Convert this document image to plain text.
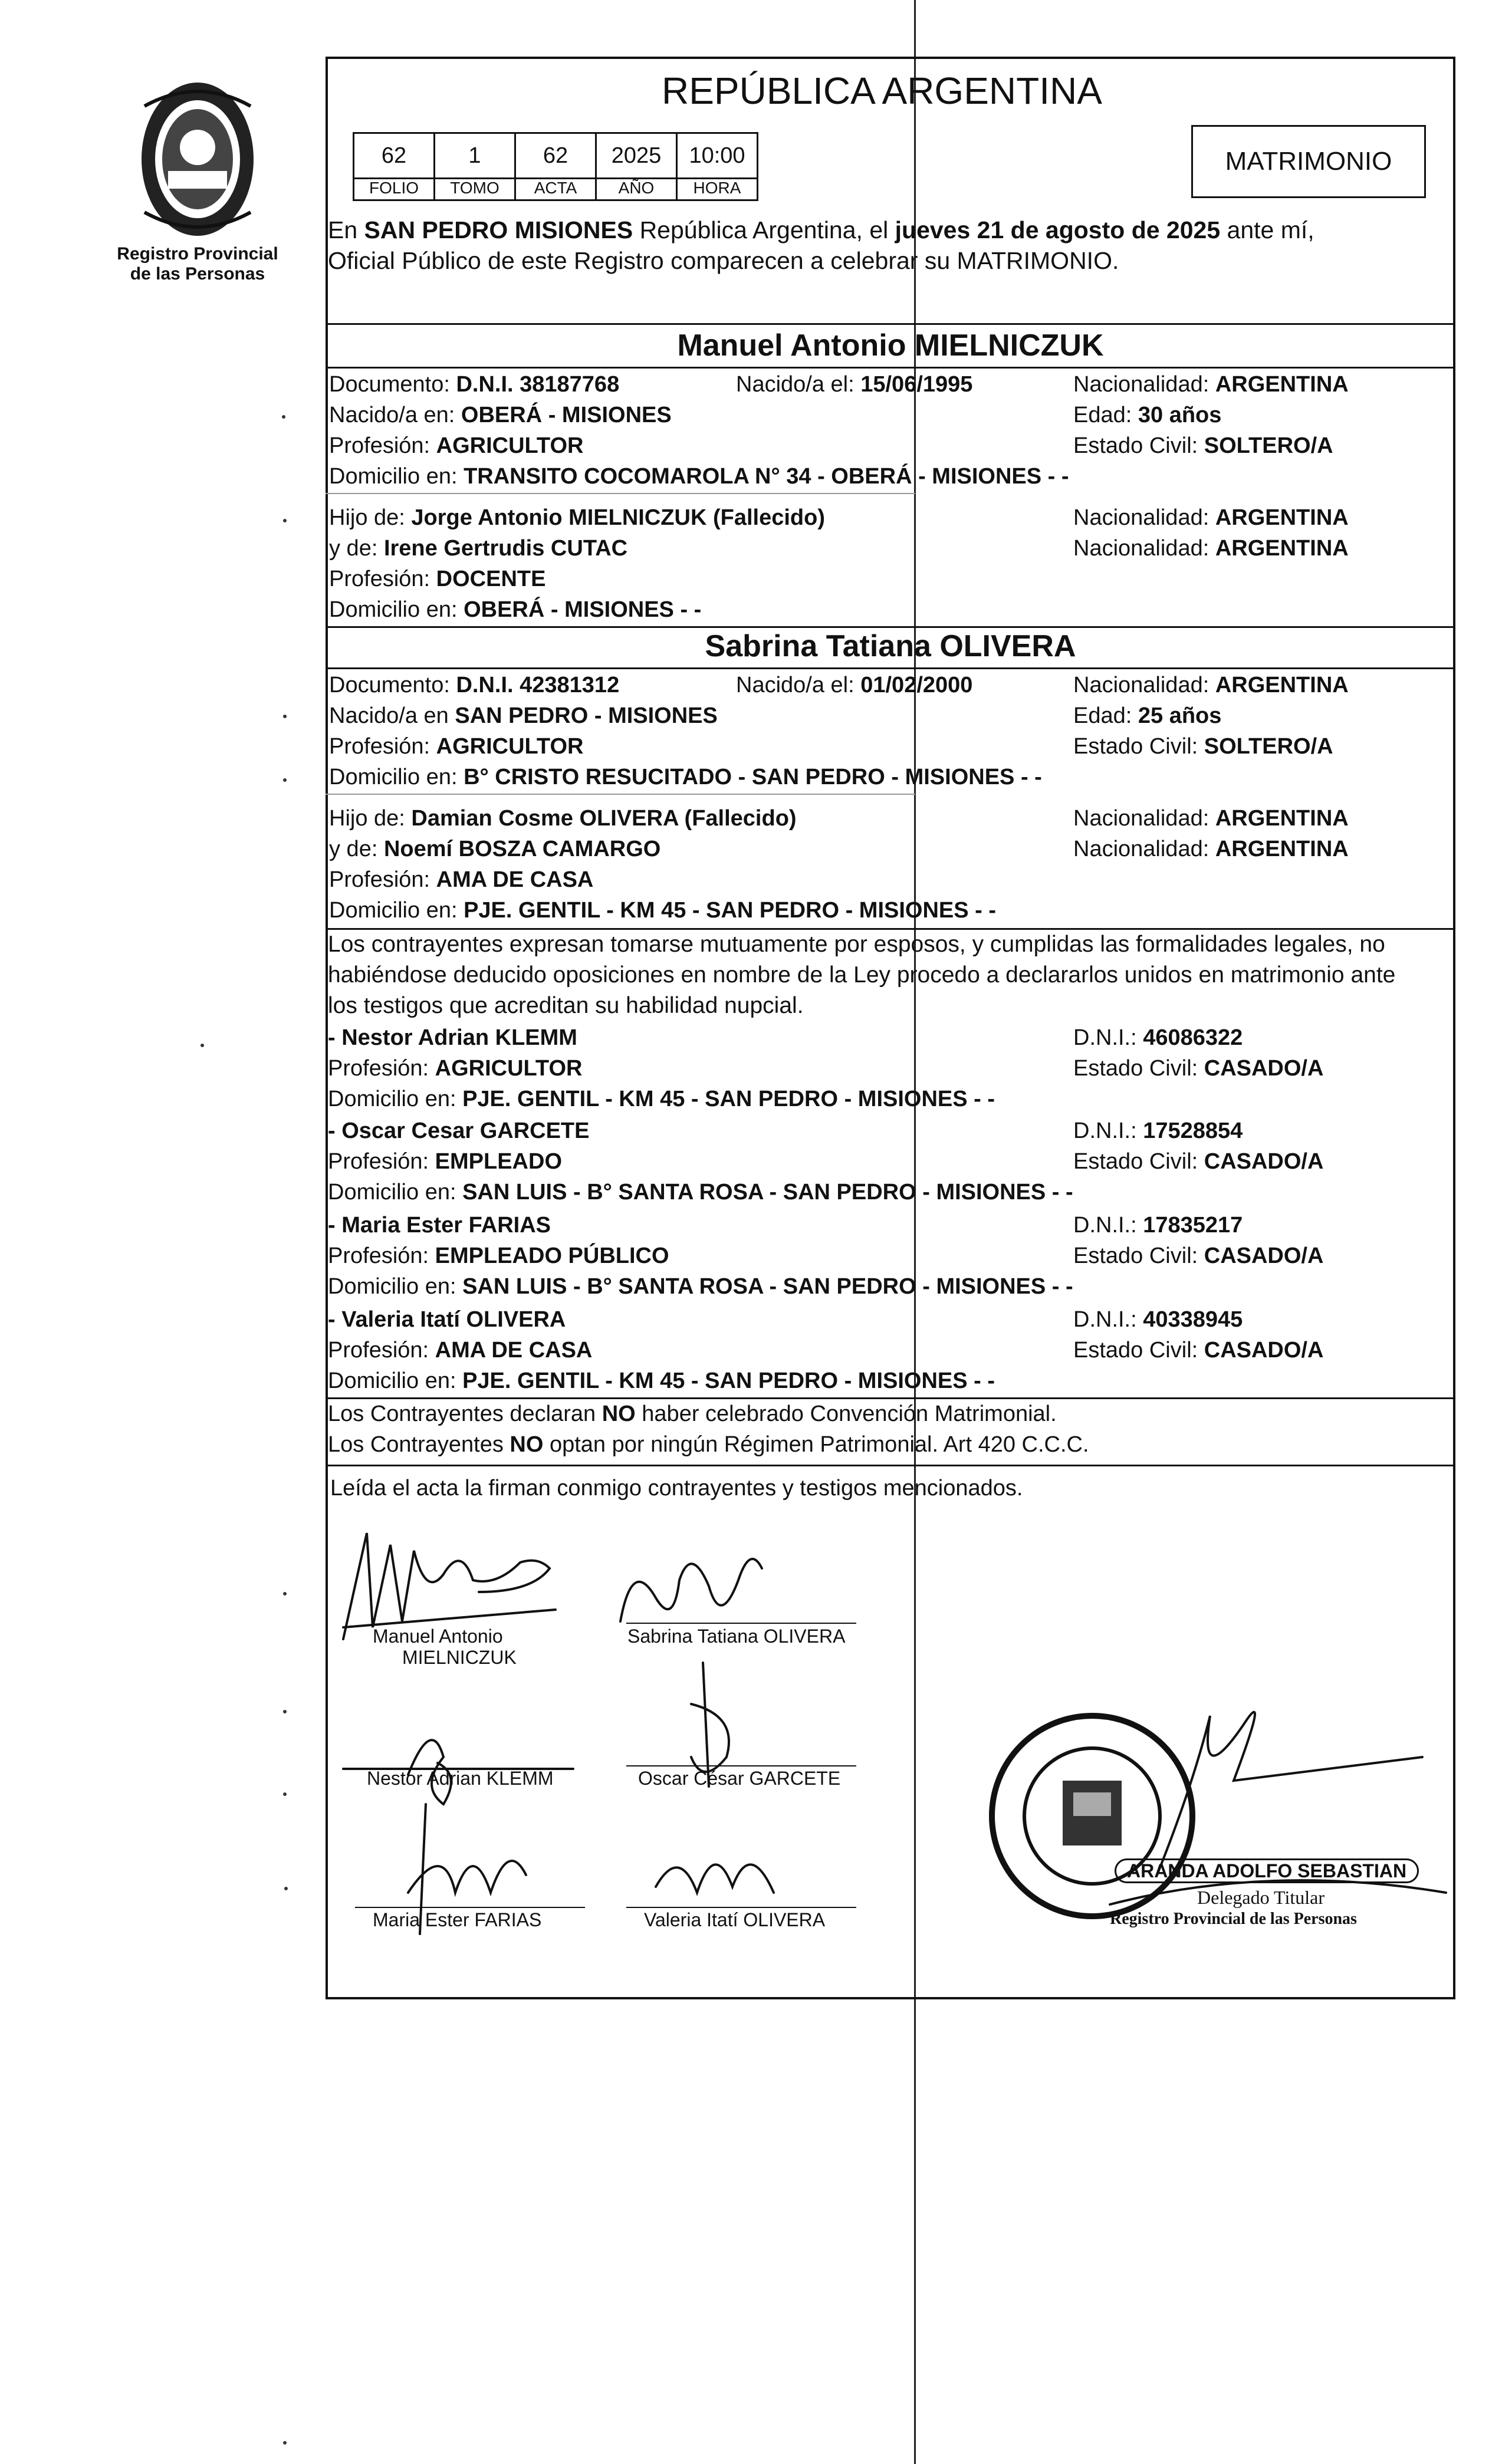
Registro Provincial
de las Personas
REPÚBLICA ARGENTINA
62	1	62	2025	10:00
FOLIO	TOMO	ACTA	AÑO	HORA
MATRIMONIO
En SAN PEDRO MISIONES República Argentina, el jueves 21 de agosto de 2025 ante mí,
Oficial Público de este Registro comparecen a celebrar su MATRIMONIO.
Manuel Antonio MIELNICZUK
Documento: D.N.I. 38187768	Nacido/a el: 15/06/1995	Nacionalidad: ARGENTINA
Nacido/a en: OBERÁ - MISIONES	Edad: 30 años
Profesión: AGRICULTOR	Estado Civil: SOLTERO/A
Domicilio en: TRANSITO COCOMAROLA N° 34 - OBERÁ - MISIONES - -
Hijo de: Jorge Antonio MIELNICZUK (Fallecido)	Nacionalidad: ARGENTINA
y de: Irene Gertrudis CUTAC	Nacionalidad: ARGENTINA
Profesión: DOCENTE
Domicilio en: OBERÁ - MISIONES - -
Sabrina Tatiana OLIVERA
Documento: D.N.I. 42381312	Nacido/a el: 01/02/2000	Nacionalidad: ARGENTINA
Nacido/a en SAN PEDRO - MISIONES	Edad: 25 años
Profesión: AGRICULTOR	Estado Civil: SOLTERO/A
Domicilio en: B° CRISTO RESUCITADO - SAN PEDRO - MISIONES - -
Hijo de: Damian Cosme OLIVERA (Fallecido)	Nacionalidad: ARGENTINA
y de: Noemí BOSZA CAMARGO	Nacionalidad: ARGENTINA
Profesión: AMA DE CASA
Domicilio en: PJE. GENTIL - KM 45 - SAN PEDRO - MISIONES - -
Los contrayentes expresan tomarse mutuamente por esposos, y cumplidas las formalidades legales, no
habiéndose deducido oposiciones en nombre de la Ley procedo a declararlos unidos en matrimonio ante
los testigos que acreditan su habilidad nupcial.
- Nestor Adrian KLEMM	D.N.I.: 46086322
Profesión: AGRICULTOR	Estado Civil: CASADO/A
Domicilio en: PJE. GENTIL - KM 45 - SAN PEDRO - MISIONES - -
- Oscar Cesar GARCETE	D.N.I.: 17528854
Profesión: EMPLEADO	Estado Civil: CASADO/A
Domicilio en: SAN LUIS - B° SANTA ROSA - SAN PEDRO - MISIONES - -
- Maria Ester FARIAS	D.N.I.: 17835217
Profesión: EMPLEADO PÚBLICO	Estado Civil: CASADO/A
Domicilio en: SAN LUIS - B° SANTA ROSA - SAN PEDRO - MISIONES - -
- Valeria Itatí OLIVERA	D.N.I.: 40338945
Profesión: AMA DE CASA	Estado Civil: CASADO/A
Domicilio en: PJE. GENTIL - KM 45 - SAN PEDRO - MISIONES - -
Los Contrayentes declaran NO haber celebrado Convención Matrimonial.
Los Contrayentes NO optan por ningún Régimen Patrimonial. Art 420 C.C.C.
Leída el acta la firman conmigo contrayentes y testigos mencionados.
Manuel Antonio
MIELNICZUK
Sabrina Tatiana OLIVERA
Nestor Adrian KLEMM	Oscar César GARCETE
Maria Ester FARIAS	Valeria Itatí OLIVERA
ARANDA ADOLFO SEBASTIAN
Delegado Titular
Registro Provincial de las Personas
